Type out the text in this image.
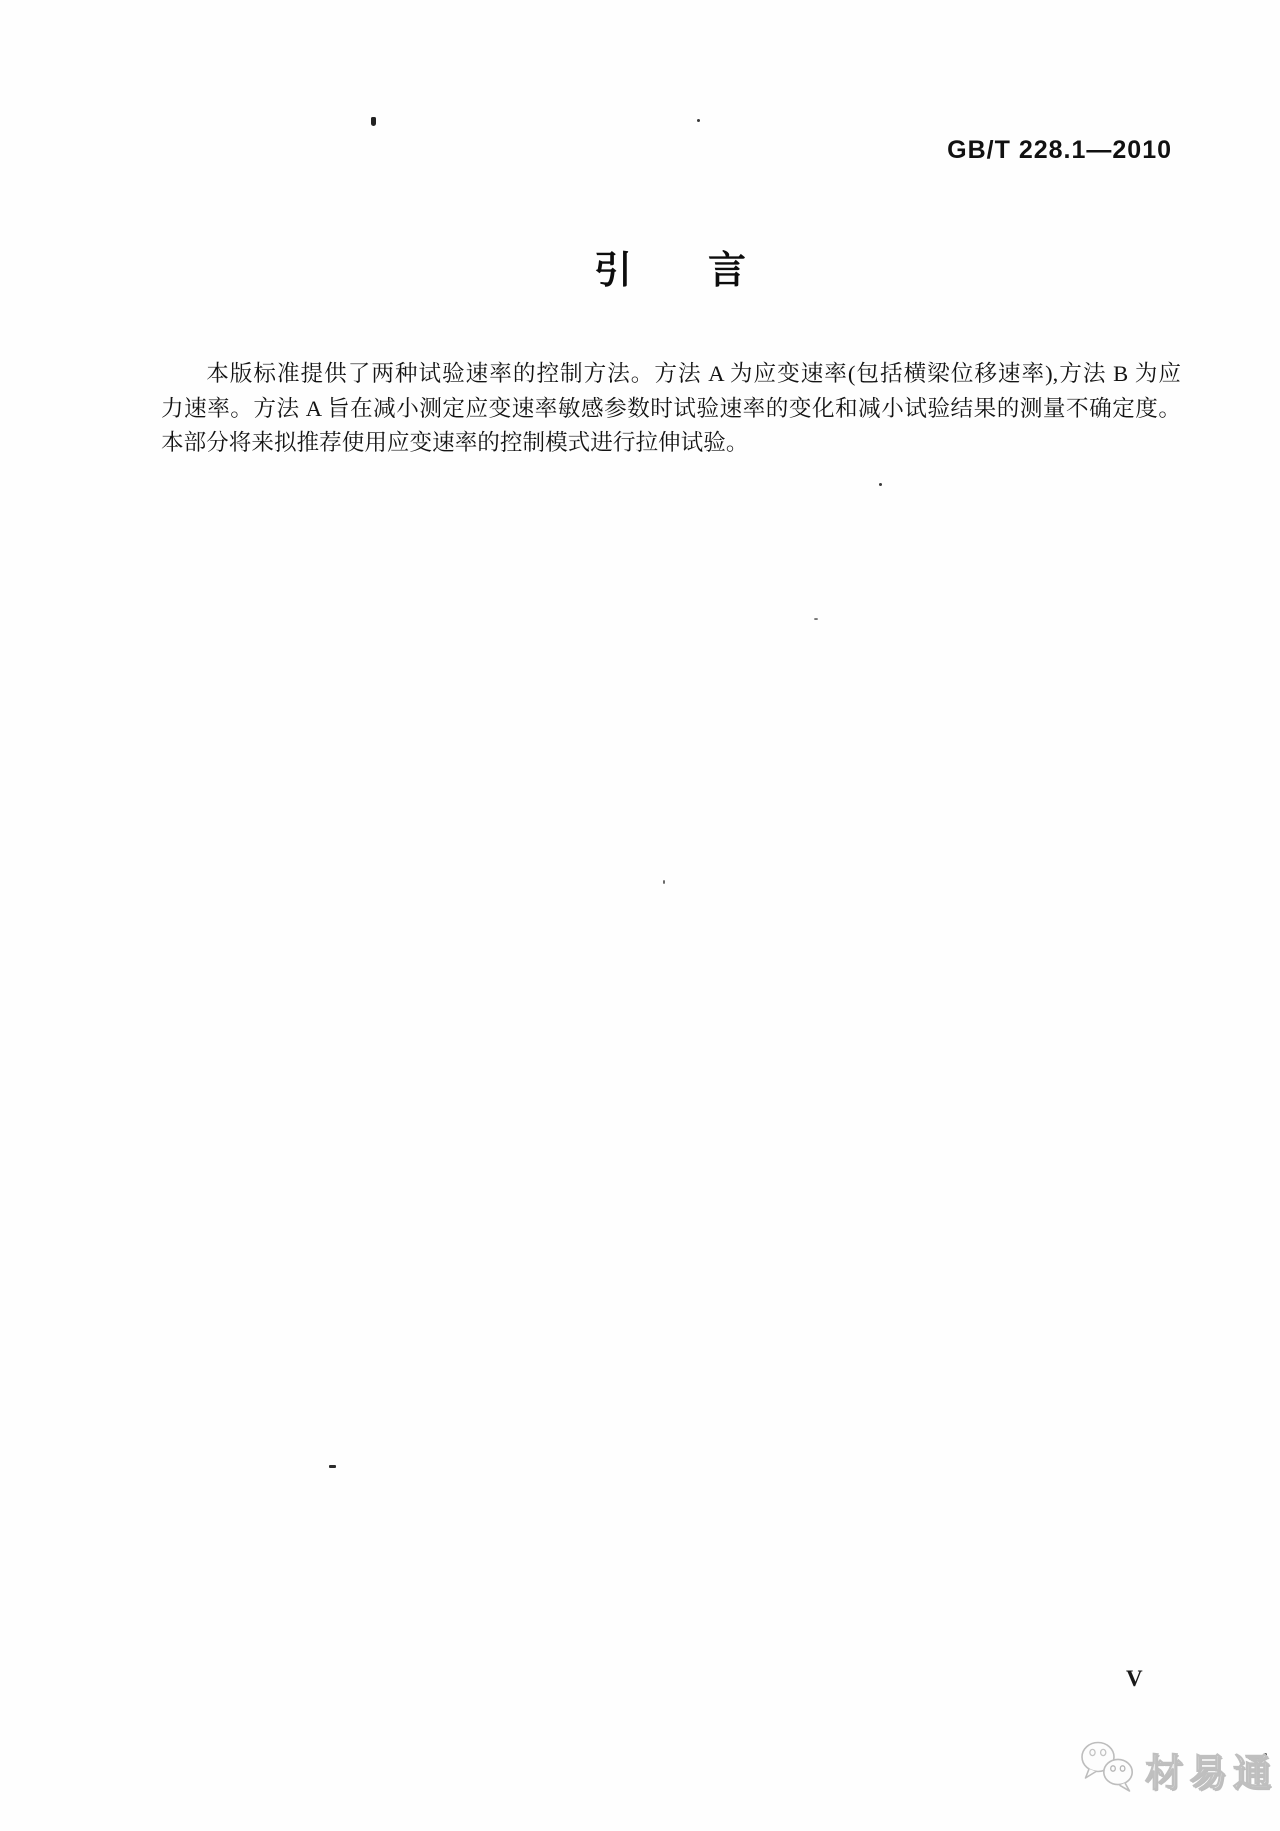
GB/T 228.1—2010
引　　言
本版标准提供了两种试验速率的控制方法。方法 A 为应变速率(包括横梁位移速率),方法 B 为应
力速率。方法 A 旨在减小测定应变速率敏感参数时试验速率的变化和减小试验结果的测量不确定度。
本部分将来拟推荐使用应变速率的控制模式进行拉伸试验。
V
材易通
